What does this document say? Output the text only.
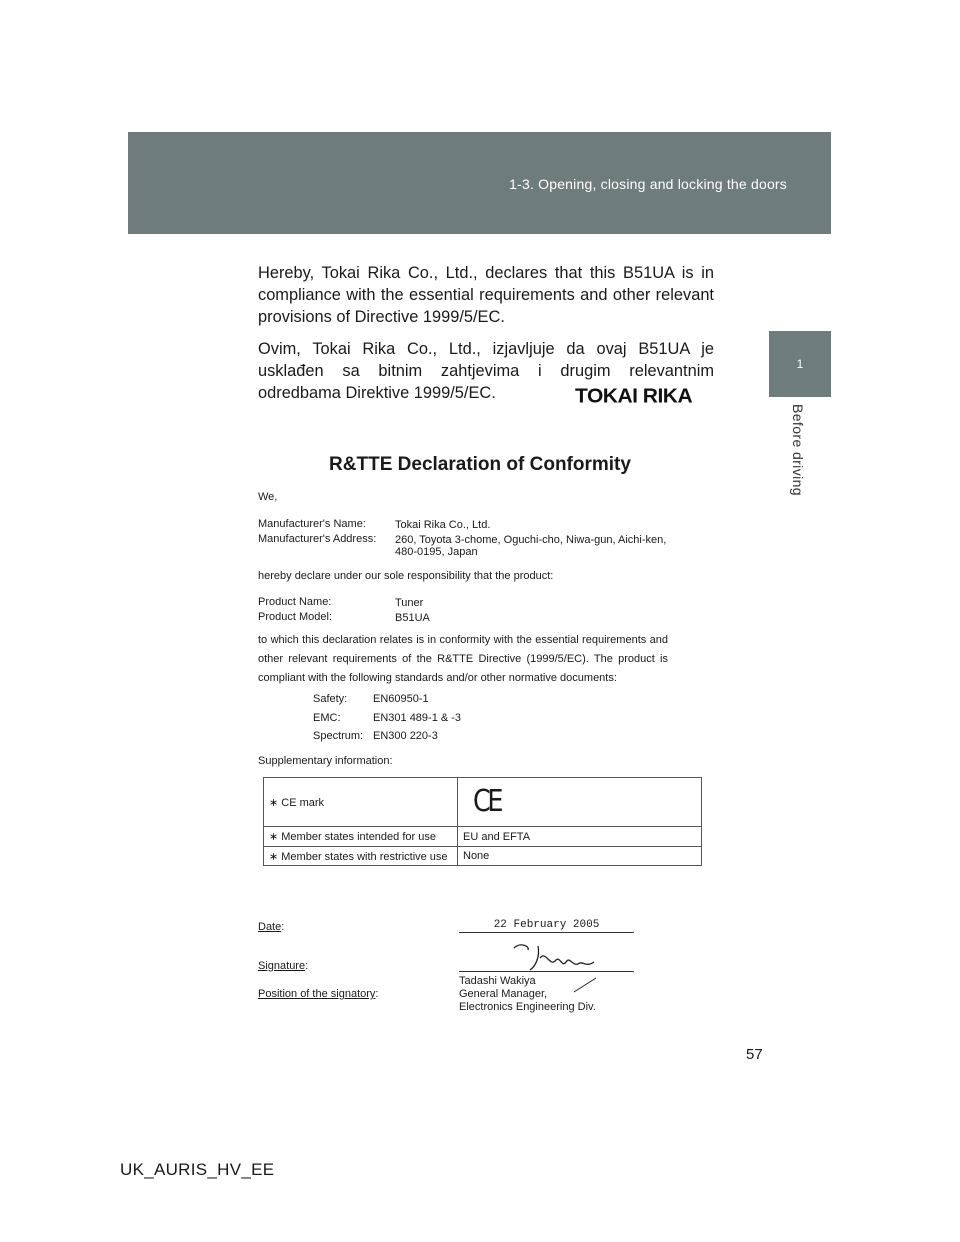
1-3. Opening, closing and locking the doors
1
Before driving

Hereby, Tokai Rika Co., Ltd., declares that this B51UA is in compliance with the essential requirements and other relevant provisions of Directive 1999/5/EC.

Ovim, Tokai Rika Co., Ltd., izjavljuje da ovaj B51UA je usklađen sa bitnim zahtjevima i drugim relevantnim odredbama Direktive 1999/5/EC.	TOKAI RIKA
R&TTE Declaration of Conformity
We,
Manufacturer's Name:	Tokai Rika Co., Ltd.
Manufacturer's Address: 260, Toyota 3-chome, Oguchi-cho, Niwa-gun, Aichi-ken,
480-0195, Japan
hereby declare under our sole responsibility that the product:
Product Name:	Tuner
Product Model:	B51UA

to which this declaration relates is in conformity with the essential requirements and other relevant requirements of the R&TTE Directive (1999/5/EC). The product is compliant with the following standards and/or other normative documents:

Safety: EN60950-1
EMC:	EN301 489-1 & -3
Spectrum: EN300 220-3
Supplementary information:
∗ CE mark	CE
∗ Member states intended for use	EU and EFTA
∗ Member states with restrictive use	None
Date:	22 February 2005
Signature:
Position of the signatory:
Tadashi Wakiya
General Manager,
Electronics Engineering Div.
57
UK_AURIS_HV_EE
